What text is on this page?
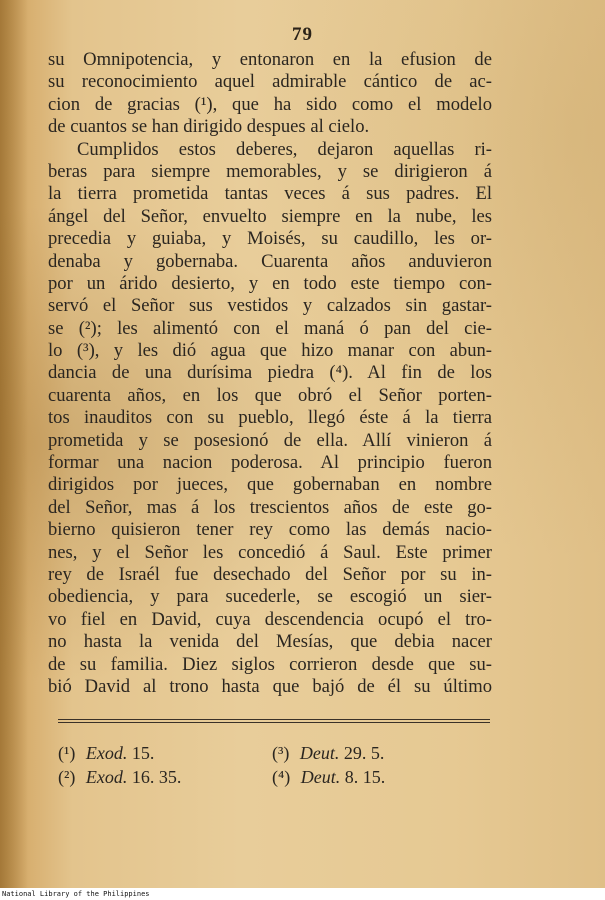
79
su Omnipotencia, y entonaron en la efusion de
su reconocimiento aquel admirable cántico de ac-
cion de gracias (¹), que ha sido como el modelo
de cuantos se han dirigido despues al cielo.
Cumplidos estos deberes, dejaron aquellas ri-
beras para siempre memorables, y se dirigieron á
la tierra prometida tantas veces á sus padres. El
ángel del Señor, envuelto siempre en la nube, les
precedia y guiaba, y Moisés, su caudillo, les or-
denaba y gobernaba. Cuarenta años anduvieron
por un árido desierto, y en todo este tiempo con-
servó el Señor sus vestidos y calzados sin gastar-
se (²); les alimentó con el maná ó pan del cie-
lo (³), y les dió agua que hizo manar con abun-
dancia de una durísima piedra (⁴). Al fin de los
cuarenta años, en los que obró el Señor porten-
tos inauditos con su pueblo, llegó éste á la tierra
prometida y se posesionó de ella. Allí vinieron á
formar una nacion poderosa. Al principio fueron
dirigidos por jueces, que gobernaban en nombre
del Señor, mas á los trescientos años de este go-
bierno quisieron tener rey como las demás nacio-
nes, y el Señor les concedió á Saul. Este primer
rey de Israél fue desechado del Señor por su in-
obediencia, y para sucederle, se escogió un sier-
vo fiel en David, cuya descendencia ocupó el tro-
no hasta la venida del Mesías, que debia nacer
de su familia. Diez siglos corrieron desde que su-
bió David al trono hasta que bajó de él su último
(¹) Exod. 15.	(³) Deut. 29. 5.
(²) Exod. 16. 35.	(⁴) Deut. 8. 15.
National Library of the Philippines
